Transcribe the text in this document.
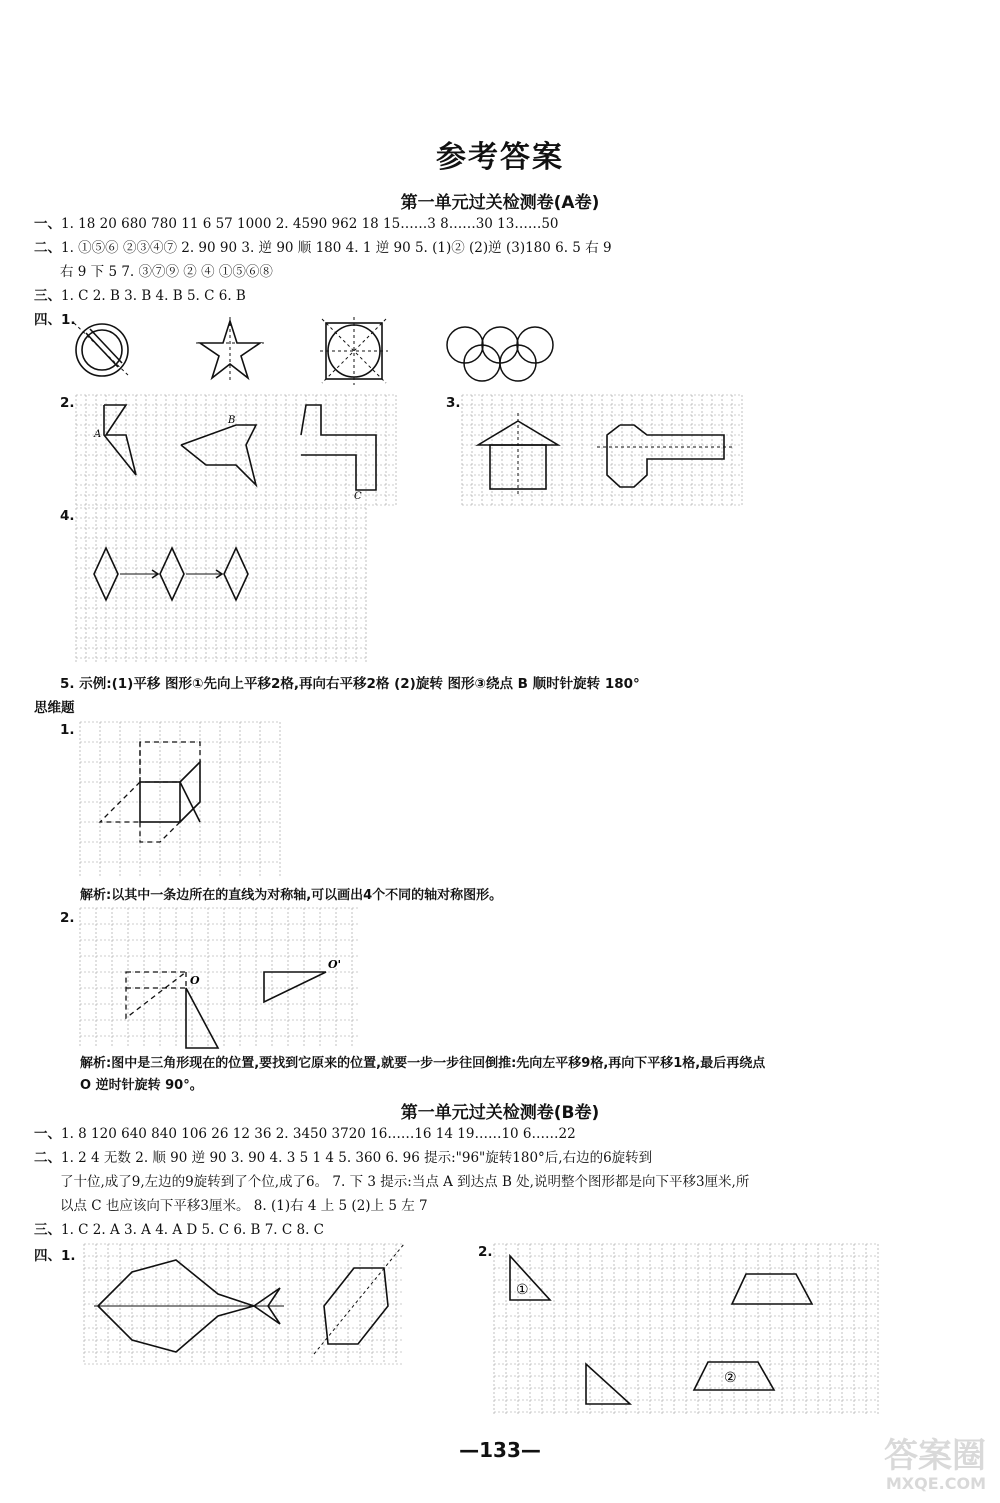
参考答案
第一单元过关检测卷(A卷)
一、1. 18 20 680 780 11 6 57 1000 2. 4590 962 18 15……3 8……30 13……50
二、1. ①⑤⑥ ②③④⑦ 2. 90 90 3. 逆 90 顺 180 4. 1 逆 90 5. (1)② (2)逆 (3)180 6. 5 右 9
右 9 下 5 7. ③⑦⑨ ② ④ ①⑤⑥⑧
三、1. C 2. B 3. B 4. B 5. C 6. B
四、1.
2.
A
B
C
3.
4.
5. 示例:(1)平移 图形①先向上平移2格,再向右平移2格 (2)旋转 图形③绕点 B 顺时针旋转 180°
思维题
1.
解析:以其中一条边所在的直线为对称轴,可以画出4个不同的轴对称图形。
2.
O
O'
解析:图中是三角形现在的位置,要找到它原来的位置,就要一步一步往回倒推:先向左平移9格,再向下平移1格,最后再绕点
O 逆时针旋转 90°。
第一单元过关检测卷(B卷)
一、1. 8 120 640 840 106 26 12 36 2. 3450 3720 16……16 14 19……10 6……22
二、1. 2 4 无数 2. 顺 90 逆 90 3. 90 4. 3 5 1 4 5. 360 6. 96 提示:"96"旋转180°后,右边的6旋转到
了十位,成了9,左边的9旋转到了个位,成了6。 7. 下 3 提示:当点 A 到达点 B 处,说明整个图形都是向下平移3厘米,所
以点 C 也应该向下平移3厘米。 8. (1)右 4 上 5 (2)上 5 左 7
三、1. C 2. A 3. A 4. A D 5. C 6. B 7. C 8. C
四、1.	2.
①
②
—133—	答案圈
MXQE.COM
